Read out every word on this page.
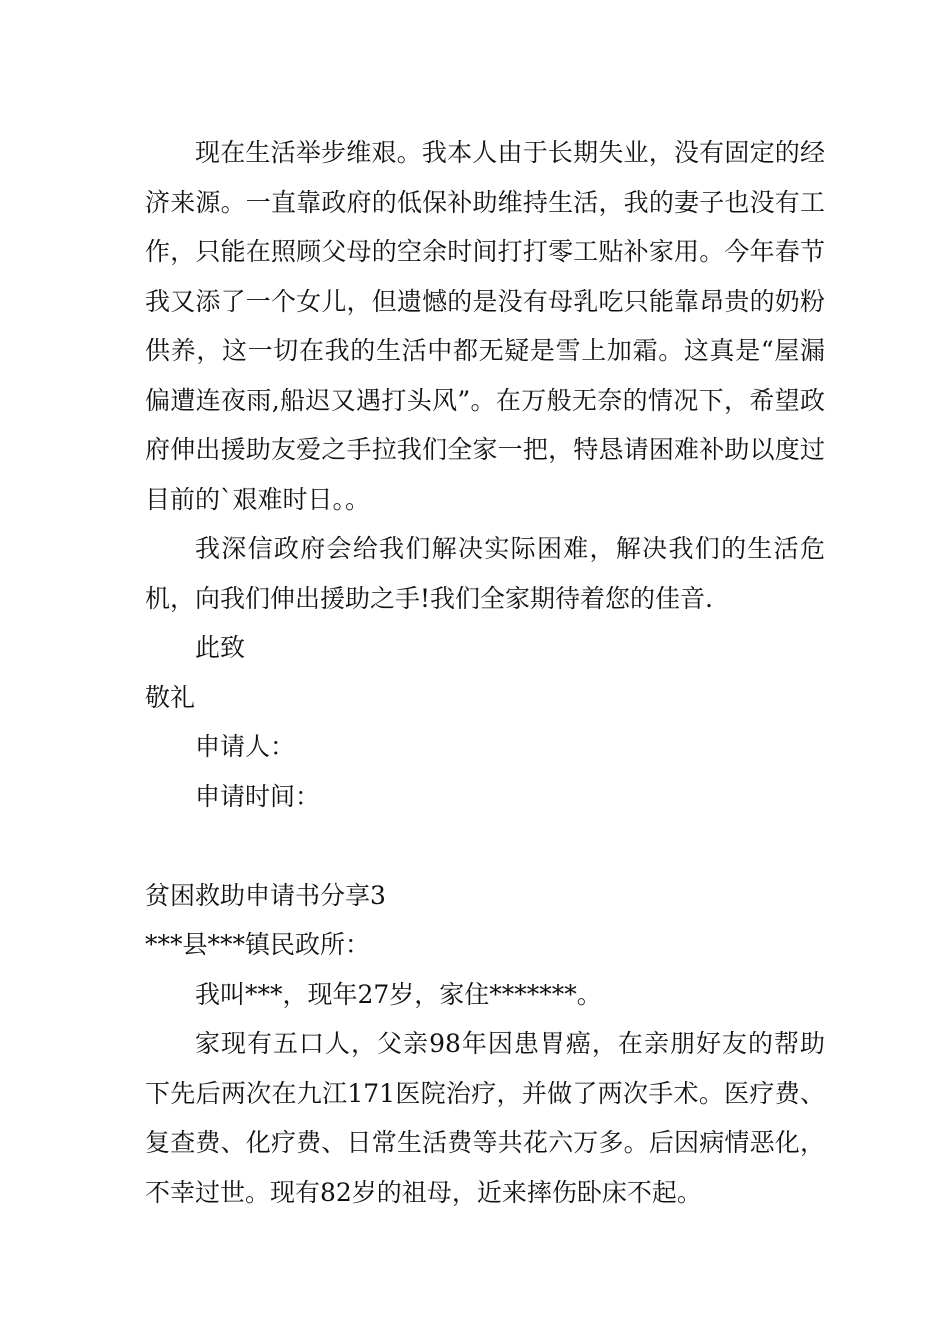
现在生活举步维艰。我本人由于长期失业，没有固定的经济来源。一直靠政府的低保补助维持生活，我的妻子也没有工作，只能在照顾父母的空余时间打打零工贴补家用。今年春节我又添了一个女儿，但遗憾的是没有母乳吃只能靠昂贵的奶粉供养，这一切在我的生活中都无疑是雪上加霜。这真是“屋漏偏遭连夜雨,船迟又遇打头风”。在万般无奈的情况下，希望政府伸出援助友爱之手拉我们全家一把，特恳请困难补助以度过目前的`艰难时日。。

我深信政府会给我们解决实际困难，解决我们的生活危机，向我们伸出援助之手!我们全家期待着您的佳音.

此致

敬礼

申请人：

申请时间：

贫困救助申请书分享3

***县***镇民政所：

我叫***，现年27岁，家住*******。

家现有五口人，父亲98年因患胃癌，在亲朋好友的帮助下先后两次在九江171医院治疗，并做了两次手术。医疗费、复查费、化疗费、日常生活费等共花六万多。后因病情恶化，不幸过世。现有82岁的祖母，近来摔伤卧床不起。
